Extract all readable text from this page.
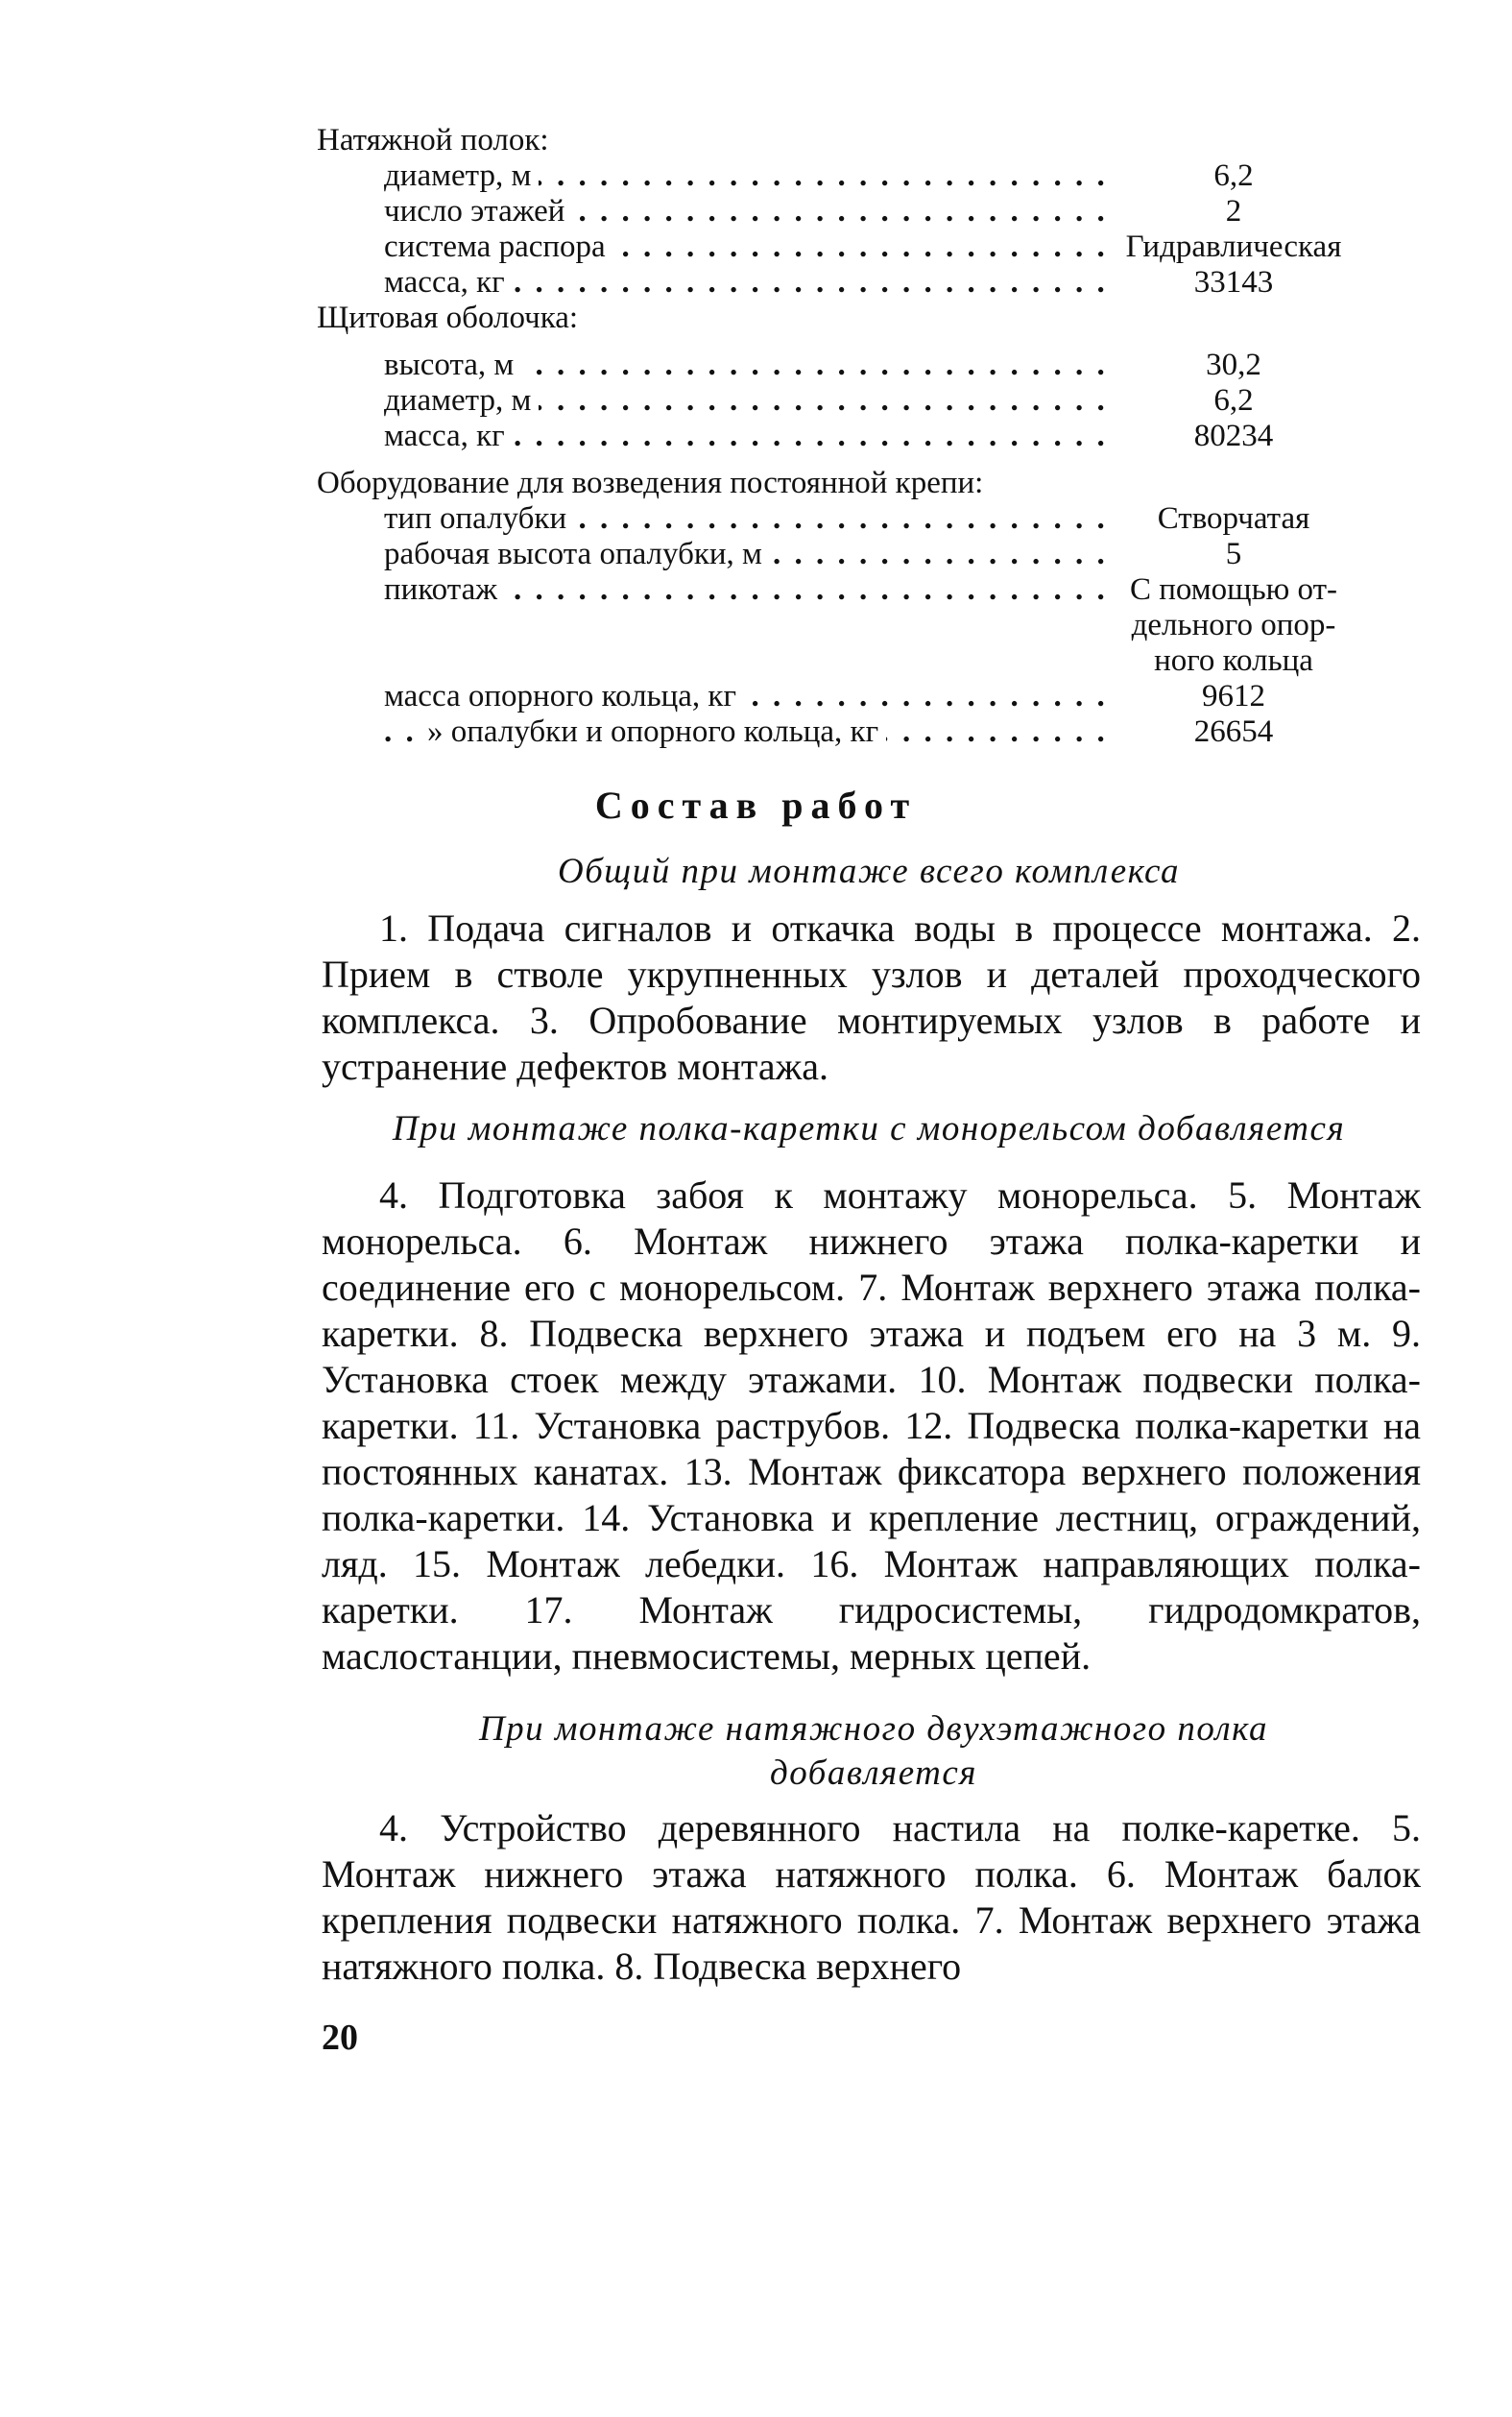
Натяжной полок:
диаметр, м . . .	6,2
число этажей . . .	2
система распора . . .	Гидравлическая
масса, кг . . .	33143
Щитовая оболочка:
высота, м . . .	30,2
диаметр, м . . .	6,2
масса, кг . . .	80234
Оборудование для возведения постоянной крепи:
тип опалубки . . .	Створчатая
рабочая высота опалубки, м . . .	5
пикотаж . . .	С помощью от-
дельного опор-
ного кольца
масса опорного кольца, кг . . .	9612
» опалубки и опорного кольца, кг . . .	26654
Состав работ
Общий при монтаже всего комплекса
1. Подача сигналов и откачка воды в процессе монтажа. 2. Прием в стволе укрупненных узлов и деталей проходческого комплекса. 3. Опробование монтируемых узлов в работе и устранение дефектов монтажа.
При монтаже полка-каретки с монорельсом добавляется
4. Подготовка забоя к монтажу монорельса. 5. Монтаж монорельса. 6. Монтаж нижнего этажа полка-каретки и соединение его с монорельсом. 7. Монтаж верхнего этажа полка-каретки. 8. Подвеска верхнего этажа и подъем его на 3 м. 9. Установка стоек между этажами. 10. Монтаж подвески полка-каретки. 11. Установка раструбов. 12. Подвеска полка-каретки на постоянных канатах. 13. Монтаж фиксатора верхнего положения полка-каретки. 14. Установка и крепление лестниц, ограждений, ляд. 15. Монтаж лебедки. 16. Монтаж направляющих полка-каретки. 17. Монтаж гидросистемы, гидродомкратов, маслостанции, пневмосистемы, мерных цепей.
При монтаже натяжного двухэтажного полка добавляется
4. Устройство деревянного настила на полке-каретке. 5. Монтаж нижнего этажа натяжного полка. 6. Монтаж балок крепления подвески натяжного полка. 7. Монтаж верхнего этажа натяжного полка. 8. Подвеска верхнего
20
